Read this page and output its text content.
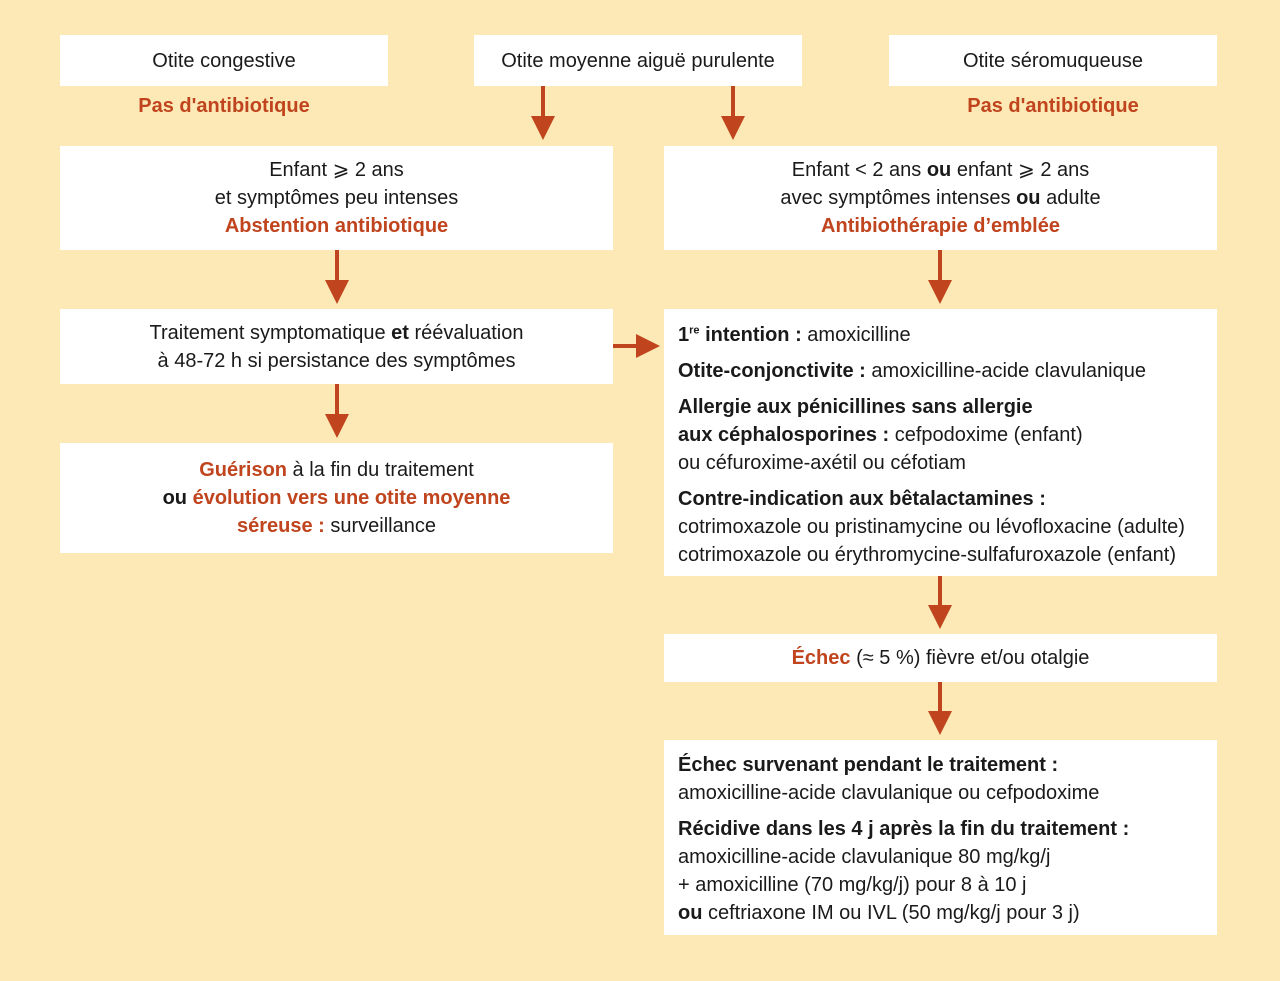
Otite congestive	Otite moyenne aiguë purulente	Otite séromuqueuse
Pas d'antibiotique	Pas d'antibiotique
Enfant ⩾ 2 ans
et symptômes peu intenses
Abstention antibiotique
Traitement symptomatique et réévaluation
à 48-72 h si persistance des symptômes
Guérison à la fin du traitement
ou évolution vers une otite moyenne
séreuse : surveillance
Enfant < 2 ans ou enfant ⩾ 2 ans
avec symptômes intenses ou adulte
Antibiothérapie d’emblée
1re intention : amoxicilline
Otite-conjonctivite : amoxicilline-acide clavulanique
Allergie aux pénicillines sans allergie
aux céphalosporines : cefpodoxime (enfant)
ou céfuroxime-axétil ou céfotiam
Contre-indication aux bêtalactamines :
cotrimoxazole ou pristinamycine ou lévofloxacine (adulte)
cotrimoxazole ou érythromycine-sulfafuroxazole (enfant)
Échec (≈ 5 %) fièvre et/ou otalgie
Échec survenant pendant le traitement :
amoxicilline-acide clavulanique ou cefpodoxime
Récidive dans les 4 j après la fin du traitement :
amoxicilline-acide clavulanique 80 mg/kg/j
+ amoxicilline (70 mg/kg/j) pour 8 à 10 j
ou ceftriaxone IM ou IVL (50 mg/kg/j pour 3 j)
